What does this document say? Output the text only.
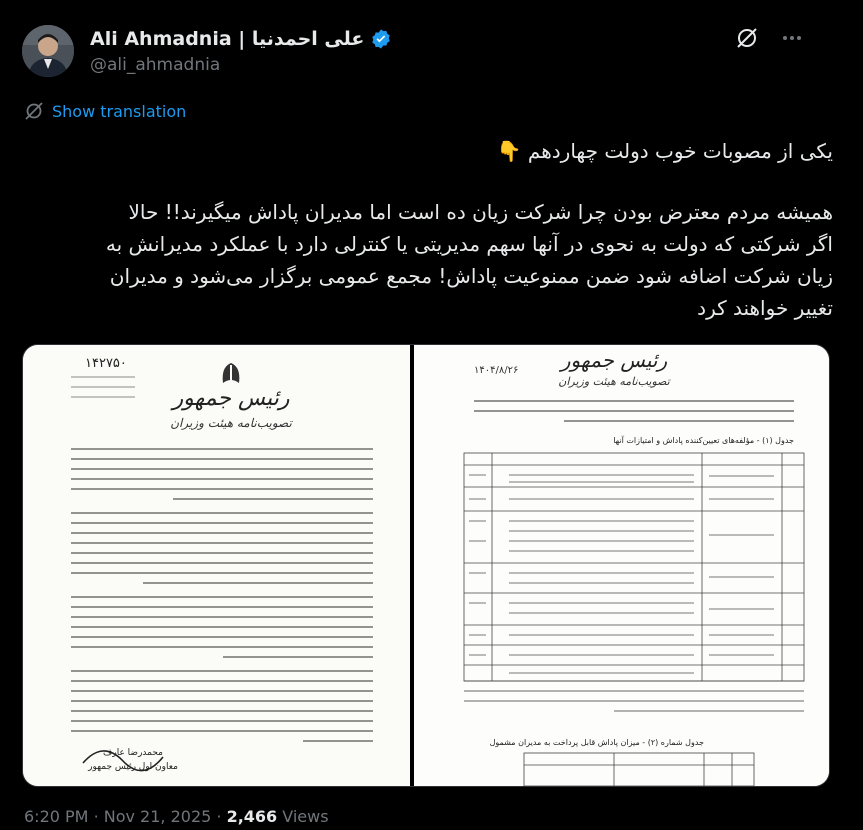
Ali Ahmadnia | علی احمدنیا
@ali_ahmadnia
Show translation
یکی از مصوبات خوب دولت چهاردهم 👇
همیشه مردم معترض بودن چرا شرکت زیان ده است اما مدیران پاداش میگیرند!! حالا
اگر شرکتی که دولت به نحوی در آنها سهم مدیریتی یا کنترلی دارد با عملکرد مدیرانش به
زیان شرکت اضافه شود ضمن ممنوعیت پاداش! مجمع عمومی برگزار می‌شود و مدیران
تغییر خواهند کرد
۱۴۲۷۵۰
رئیس جمهور
تصویب‌نامه هیئت وزیران
محمدرضا عارف
معاون اول رئیس جمهور
۱۴۰۴/۸/۲۶ رئیس جمهور
تصویب‌نامه هیئت وزیران
جدول (۱) - مؤلفه‌های تعیین‌کننده پاداش و امتیازات آنها
جدول شماره (۲) - میزان پاداش قابل پرداخت به مدیران مشمول
6:20 PM · Nov 21, 2025 · 2,466 Views
